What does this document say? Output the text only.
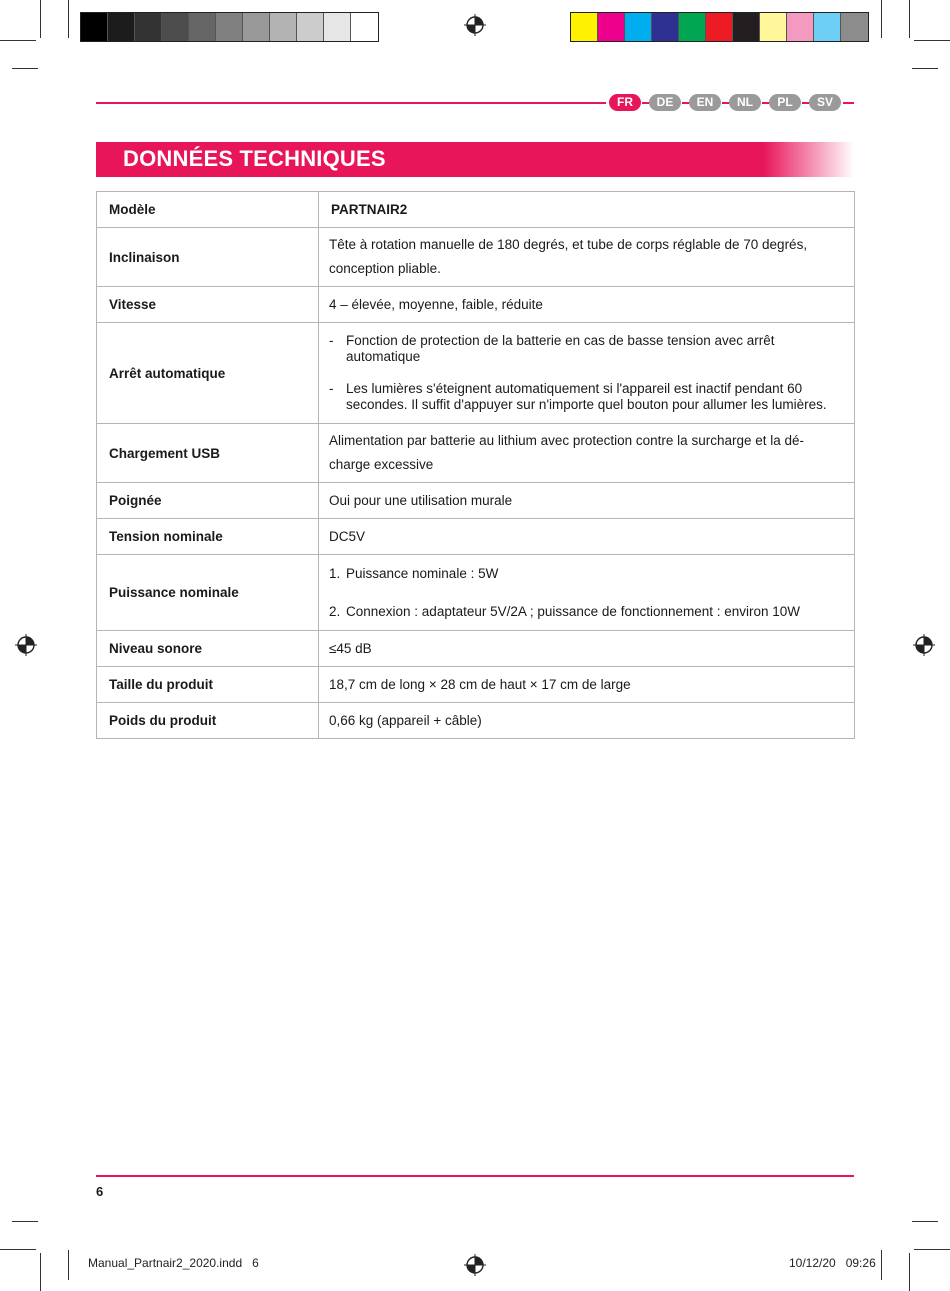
FR	DE	EN	NL	PL	SV
DONNÉES TECHNIQUES
Modèle	PARTNAIR2
Inclinaison	Tête à rotation manuelle de 180 degrés, et tube de corps réglable de 70 degrés, conception pliable.
Vitesse	4 – élevée, moyenne, faible, réduite
Arrêt automatique	- Fonction de protection de la batterie en cas de basse tension avec arrêt automatique
- Les lumières s'éteignent automatiquement si l'appareil est inactif pendant 60 secondes. Il suffit d'appuyer sur n'importe quel bouton pour allumer les lumières.

Chargement USB	Alimentation par batterie au lithium avec protection contre la surcharge et la dé-charge excessive
Poignée	Oui pour une utilisation murale
Tension nominale	DC5V
Puissance nominale	1. Puissance nominale : 5W
2. Connexion : adaptateur 5V/2A ; puissance de fonctionnement : environ 10W

Niveau sonore	≤45 dB
Taille du produit	18,7 cm de long × 28 cm de haut × 17 cm de large
Poids du produit	0,66 kg (appareil + câble)
6
Manual_Partnair2_2020.indd   6	10/12/20   09:26
